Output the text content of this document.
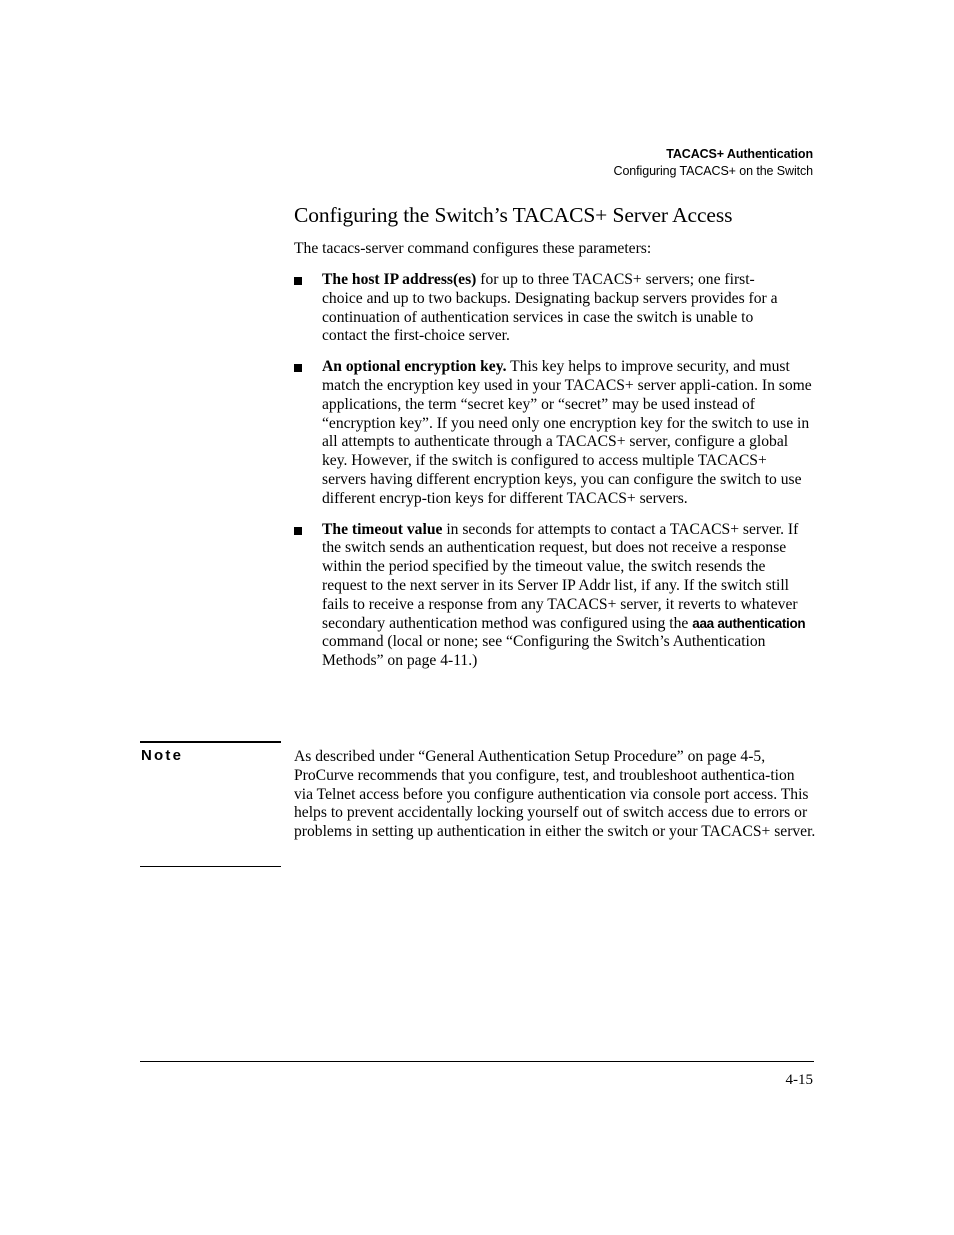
TACACS+ Authentication
Configuring TACACS+ on the Switch
Configuring the Switch’s TACACS+ Server Access

The tacacs-server command configures these parameters:

The host IP address(es) for up to three TACACS+ servers; one first-choice and up to two backups. Designating backup servers provides for a continuation of authentication services in case the switch is unable to contact the first-choice server.
An optional encryption key. This key helps to improve security, and must match the encryption key used in your TACACS+ server appli-cation. In some applications, the term “secret key” or “secret” may be used instead of “encryption key”. If you need only one encryption key for the switch to use in all attempts to authenticate through a TACACS+ server, configure a global key. However, if the switch is configured to access multiple TACACS+ servers having different encryption keys, you can configure the switch to use different encryp-tion keys for different TACACS+ servers.
The timeout value in seconds for attempts to contact a TACACS+ server. If the switch sends an authentication request, but does not receive a response within the period specified by the timeout value, the switch resends the request to the next server in its Server IP Addr list, if any. If the switch still fails to receive a response from any TACACS+ server, it reverts to whatever secondary authentication method was configured using the aaa authentication command (local or none; see “Configuring the Switch’s Authentication Methods” on page 4-11.)
Note	As described under “General Authentication Setup Procedure” on page 4-5, ProCurve recommends that you configure, test, and troubleshoot authentica-tion via Telnet access before you configure authentication via console port access. This helps to prevent accidentally locking yourself out of switch access due to errors or problems in setting up authentication in either the switch or your TACACS+ server.

4-15
